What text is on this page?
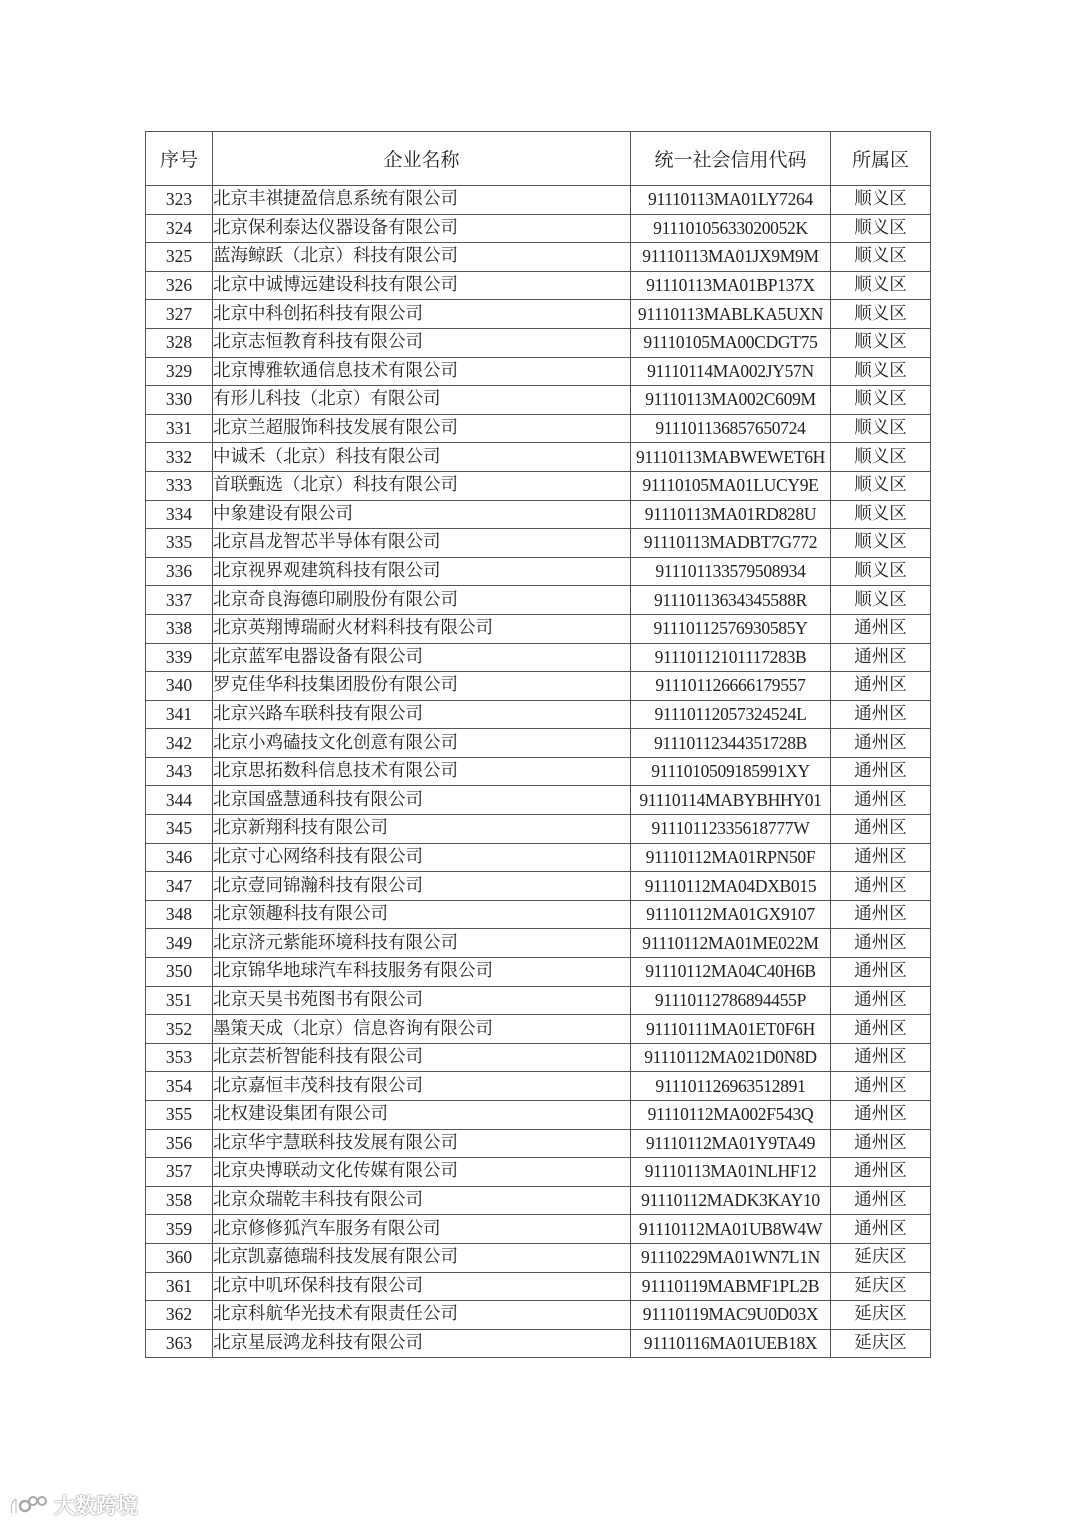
序号	企业名称	统一社会信用代码	所属区
323	北京丰祺捷盈信息系统有限公司	91110113MA01LY7264	顺义区
324	北京保利泰达仪器设备有限公司	91110105633020052K	顺义区
325	蓝海鲸跃（北京）科技有限公司	91110113MA01JX9M9M	顺义区
326	北京中诚博远建设科技有限公司	91110113MA01BP137X	顺义区
327	北京中科创拓科技有限公司	91110113MABLKA5UXN	顺义区
328	北京志恒教育科技有限公司	91110105MA00CDGT75	顺义区
329	北京博雅软通信息技术有限公司	91110114MA002JY57N	顺义区
330	有形儿科技（北京）有限公司	91110113MA002C609M	顺义区
331	北京兰超服饰科技发展有限公司	911101136857650724	顺义区
332	中诚禾（北京）科技有限公司	91110113MABWEWET6H	顺义区
333	首联甄选（北京）科技有限公司	91110105MA01LUCY9E	顺义区
334	中象建设有限公司	91110113MA01RD828U	顺义区
335	北京昌龙智芯半导体有限公司	91110113MADBT7G772	顺义区
336	北京视界观建筑科技有限公司	911101133579508934	顺义区
337	北京奇良海德印刷股份有限公司	91110113634345588R	顺义区
338	北京英翔博瑞耐火材料科技有限公司	91110112576930585Y	通州区
339	北京蓝军电器设备有限公司	91110112101117283B	通州区
340	罗克佳华科技集团股份有限公司	911101126666179557	通州区
341	北京兴路车联科技有限公司	91110112057324524L	通州区
342	北京小鸡磕技文化创意有限公司	91110112344351728B	通州区
343	北京思拓数科信息技术有限公司	9111010509185991XY	通州区
344	北京国盛慧通科技有限公司	91110114MABYBHHY01	通州区
345	北京新翔科技有限公司	91110112335618777W	通州区
346	北京寸心网络科技有限公司	91110112MA01RPN50F	通州区
347	北京壹同锦瀚科技有限公司	91110112MA04DXB015	通州区
348	北京领趣科技有限公司	91110112MA01GX9107	通州区
349	北京济元紫能环境科技有限公司	91110112MA01ME022M	通州区
350	北京锦华地球汽车科技服务有限公司	91110112MA04C40H6B	通州区
351	北京天昊书苑图书有限公司	91110112786894455P	通州区
352	墨策天成（北京）信息咨询有限公司	91110111MA01ET0F6H	通州区
353	北京芸析智能科技有限公司	91110112MA021D0N8D	通州区
354	北京嘉恒丰茂科技有限公司	911101126963512891	通州区
355	北权建设集团有限公司	91110112MA002F543Q	通州区
356	北京华宇慧联科技发展有限公司	91110112MA01Y9TA49	通州区
357	北京央博联动文化传媒有限公司	91110113MA01NLHF12	通州区
358	北京众瑞乾丰科技有限公司	91110112MADK3KAY10	通州区
359	北京修修狐汽车服务有限公司	91110112MA01UB8W4W	通州区
360	北京凯嘉德瑞科技发展有限公司	91110229MA01WN7L1N	延庆区
361	北京中叽环保科技有限公司	91110119MABMF1PL2B	延庆区
362	北京科航华光技术有限责任公司	91110119MAC9U0D03X	延庆区
363	北京星辰鸿龙科技有限公司	91110116MA01UEB18X	延庆区
大数跨境
